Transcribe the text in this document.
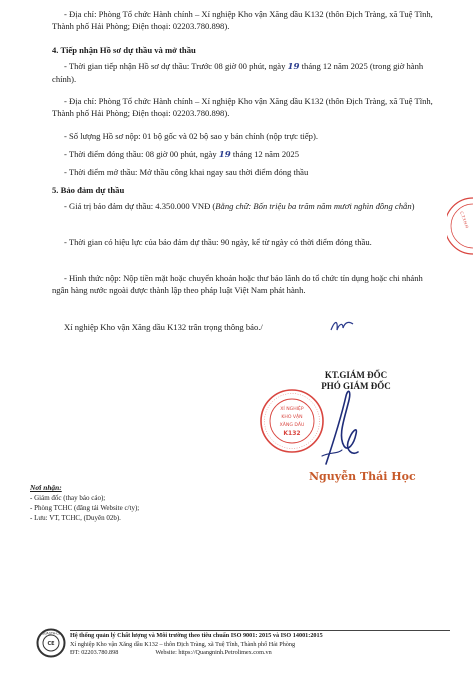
- Địa chỉ: Phòng Tổ chức Hành chính – Xí nghiệp Kho vận Xăng dầu K132 (thôn Địch Tràng, xã Tuệ Tĩnh, Thành phố Hải Phòng; Điện thoại: 02203.780.898).

4. Tiếp nhận Hồ sơ dự thầu và mở thầu

- Thời gian tiếp nhận Hồ sơ dự thầu: Trước 08 giờ 00 phút, ngày 19 tháng 12 năm 2025 (trong giờ hành chính).

- Địa chỉ: Phòng Tổ chức Hành chính – Xí nghiệp Kho vận Xăng dầu K132 (thôn Địch Tràng, xã Tuệ Tĩnh, Thành phố Hải Phòng; Điện thoại: 02203.780.898).

- Số lượng Hồ sơ nộp: 01 bộ gốc và 02 bộ sao y bản chính (nộp trực tiếp).

- Thời điểm đóng thầu: 08 giờ 00 phút, ngày 19 tháng 12 năm 2025

- Thời điểm mở thầu: Mở thầu công khai ngay sau thời điểm đóng thầu

5. Bảo đảm dự thầu

- Giá trị bảo đảm dự thầu: 4.350.000 VNĐ (Bằng chữ: Bốn triệu ba trăm năm mươi nghìn đồng chẵn)

- Thời gian có hiệu lực của bảo đảm dự thầu: 90 ngày, kể từ ngày có thời điểm đóng thầu.

- Hình thức nộp: Nộp tiền mặt hoặc chuyển khoản hoặc thư bảo lãnh do tổ chức tín dụng hoặc chi nhánh ngân hàng nước ngoài được thành lập theo pháp luật Việt Nam phát hành.

Xí nghiệp Kho vận Xăng dầu K132 trân trọng thông báo./

C.T.Y.H.H
Nơi nhận:
- Giám đốc (thay báo cáo);
- Phòng TCHC (đăng tải Website c/ty);
- Lưu: VT, TCHC, (Duyên 02b).
KT.GIÁM ĐỐC
PHÓ GIÁM ĐỐC
XÍ NGHIỆP
KHO VẬN
XĂNG DẦU
K132
Nguyễn Thái Học
CE
QUASTA-CE Hệ thống quản lý Chất lượng và Môi trường theo tiêu chuẩn ISO 9001: 2015 và ISO 14001:2015
Xí nghiệp Kho vận Xăng dầu K132 – thôn Địch Tràng, xã Tuệ Tĩnh, Thành phố Hải Phòng
ĐT: 02203.780.898	Website: https://Quangninh.Petrolimex.com.vn
